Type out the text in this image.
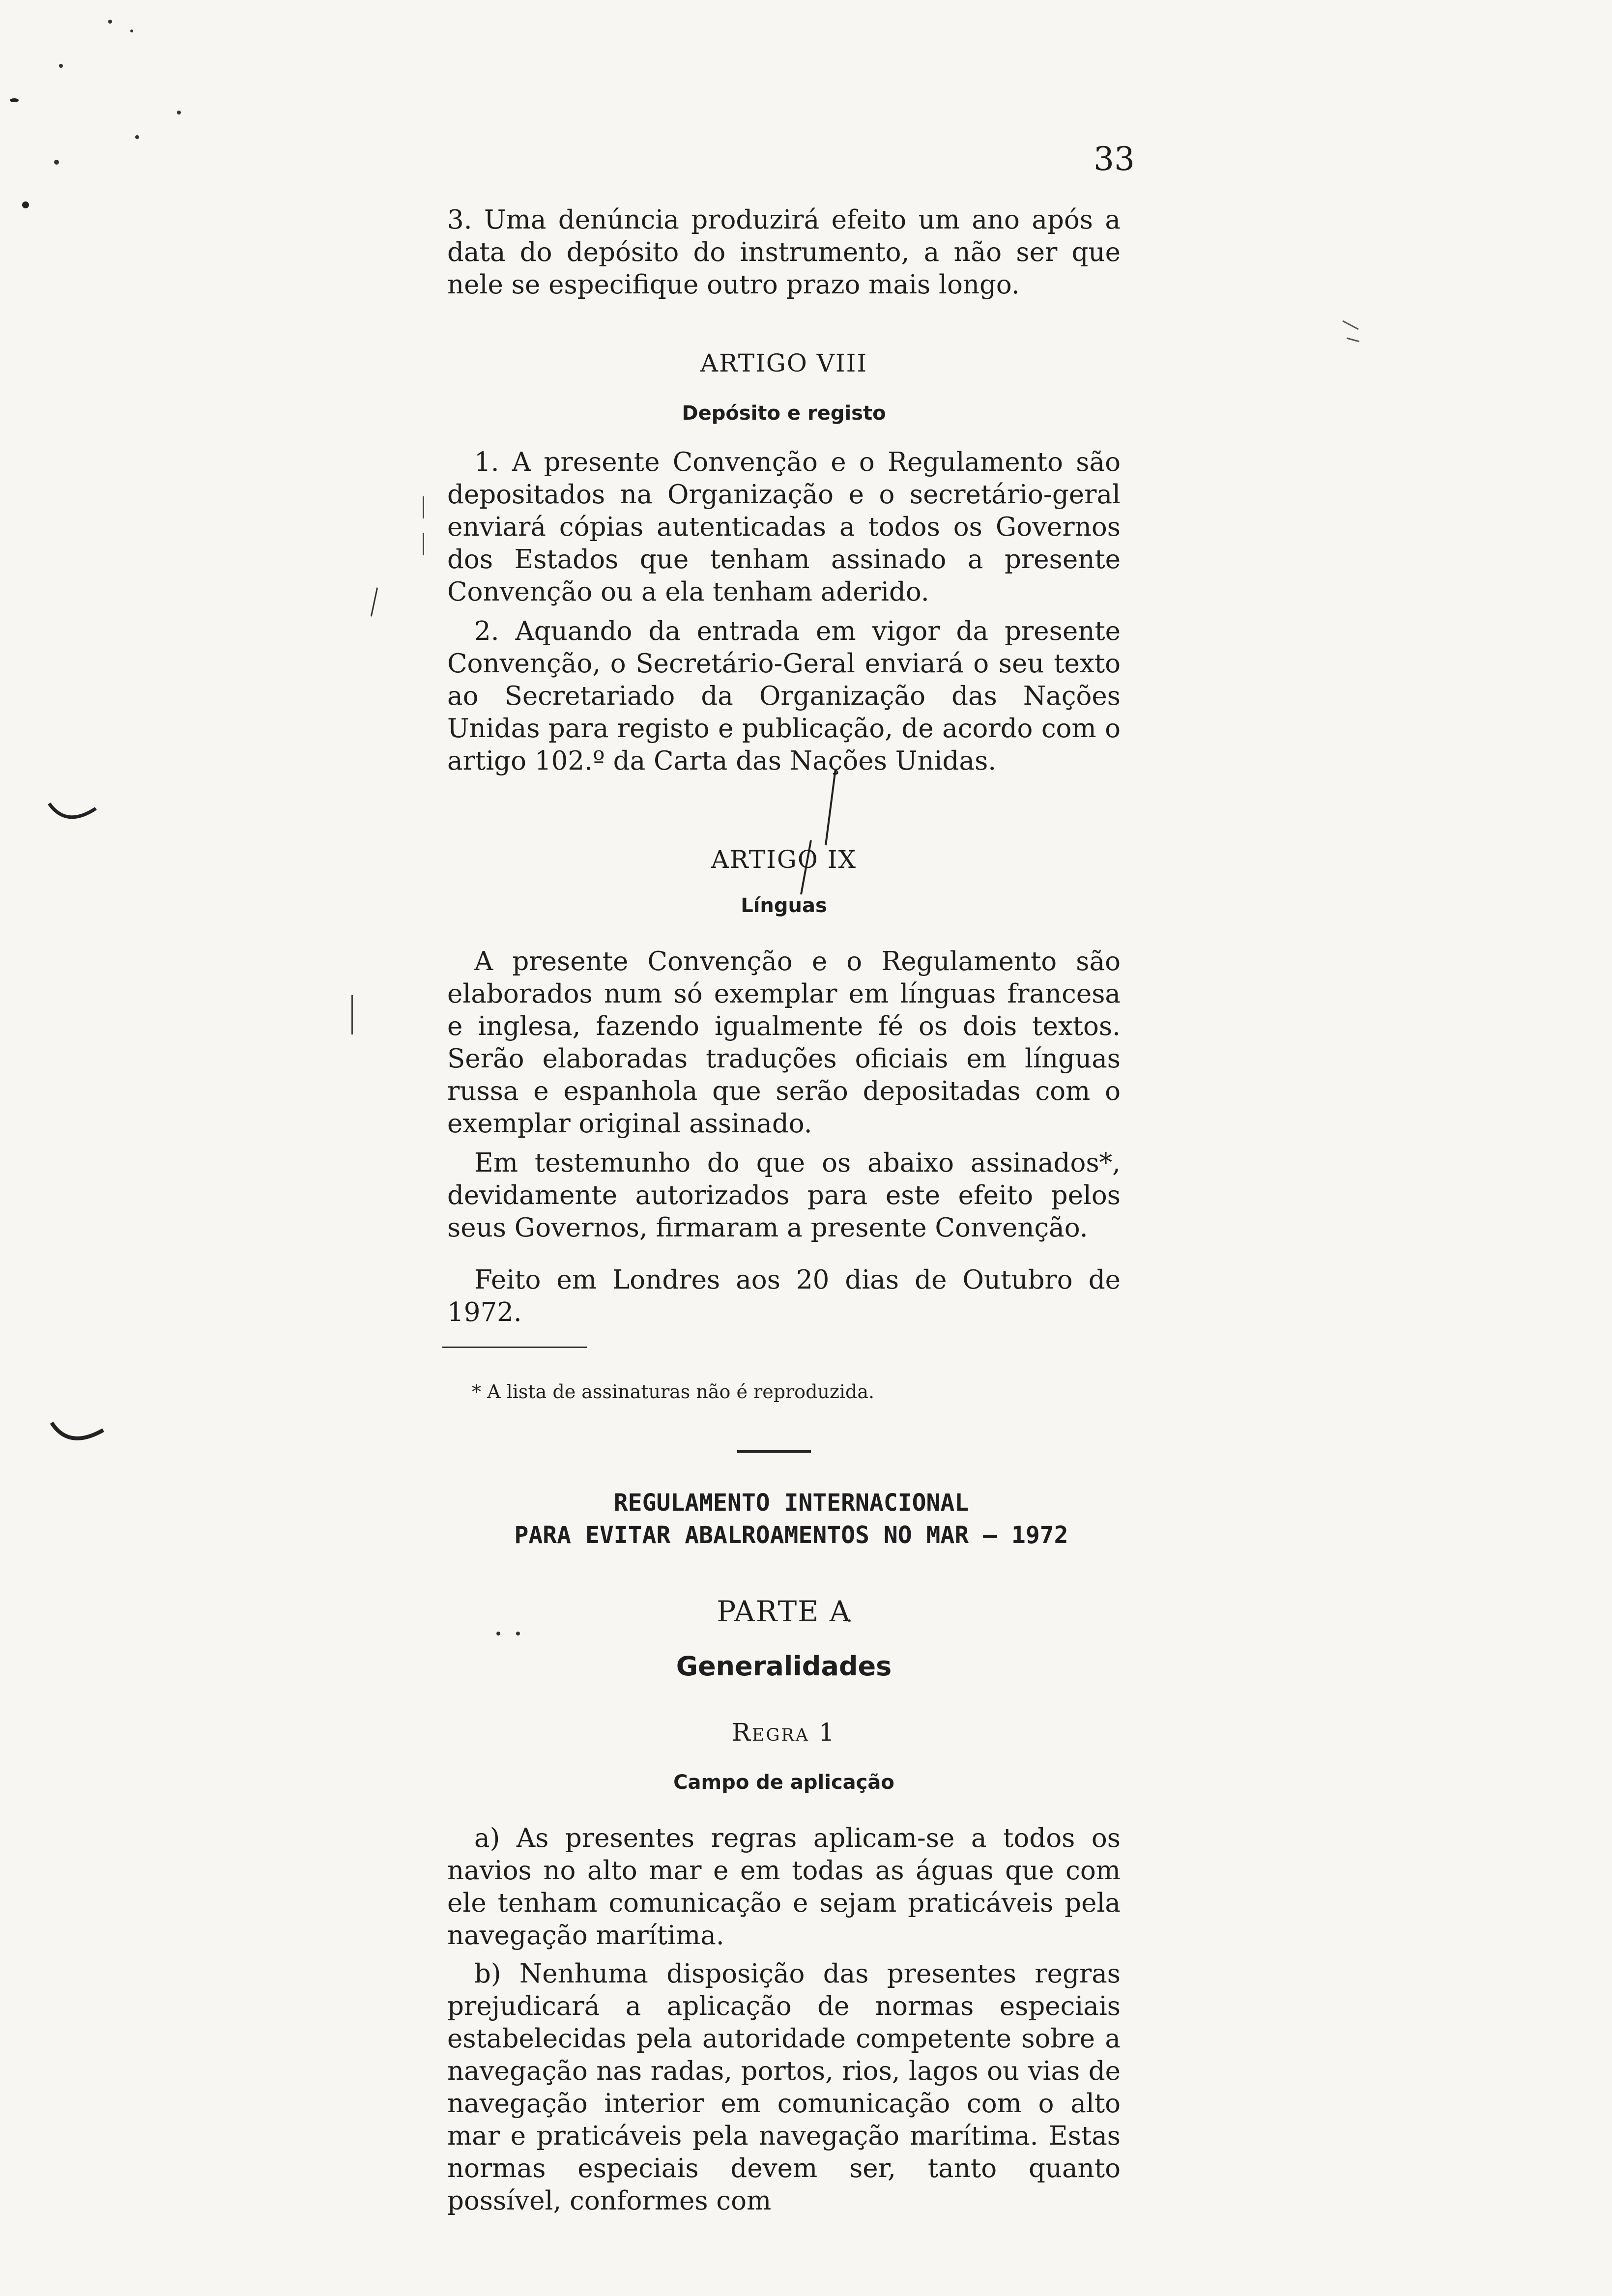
33

3. Uma denúncia produzirá efeito um ano após a data do depósito do instrumento, a não ser que nele se especifique outro prazo mais longo.

ARTIGO VIII
Depósito e registo

1. A presente Convenção e o Regulamento são depositados na Organização e o secretário-geral enviará cópias autenticadas a todos os Governos dos Estados que tenham assinado a presente Convenção ou a ela tenham aderido.

2. Aquando da entrada em vigor da presente Convenção, o Secretário-Geral enviará o seu texto ao Secretariado da Organização das Nações Unidas para registo e publicação, de acordo com o artigo 102.º da Carta das Nações Unidas.

ARTIGO IX
Línguas

A presente Convenção e o Regulamento são elaborados num só exemplar em línguas francesa e inglesa, fazendo igualmente fé os dois textos. Serão elaboradas traduções oficiais em línguas russa e espanhola que serão depositadas com o exemplar original assinado.

Em testemunho do que os abaixo assinados*, devidamente autorizados para este efeito pelos seus Governos, firmaram a presente Convenção.

Feito em Londres aos 20 dias de Outubro de 1972.

* A lista de assinaturas não é reproduzida.
REGULAMENTO INTERNACIONAL
PARA EVITAR ABALROAMENTOS NO MAR — 1972
PARTE A
Generalidades
Regra 1
Campo de aplicação

a) As presentes regras aplicam-se a todos os navios no alto mar e em todas as águas que com ele tenham comunicação e sejam praticáveis pela navegação marítima.

b) Nenhuma disposição das presentes regras prejudicará a aplicação de normas especiais estabelecidas pela autoridade competente sobre a navegação nas radas, portos, rios, lagos ou vias de navegação interior em comunicação com o alto mar e praticáveis pela navegação marítima. Estas normas especiais devem ser, tanto quanto possível, conformes com
